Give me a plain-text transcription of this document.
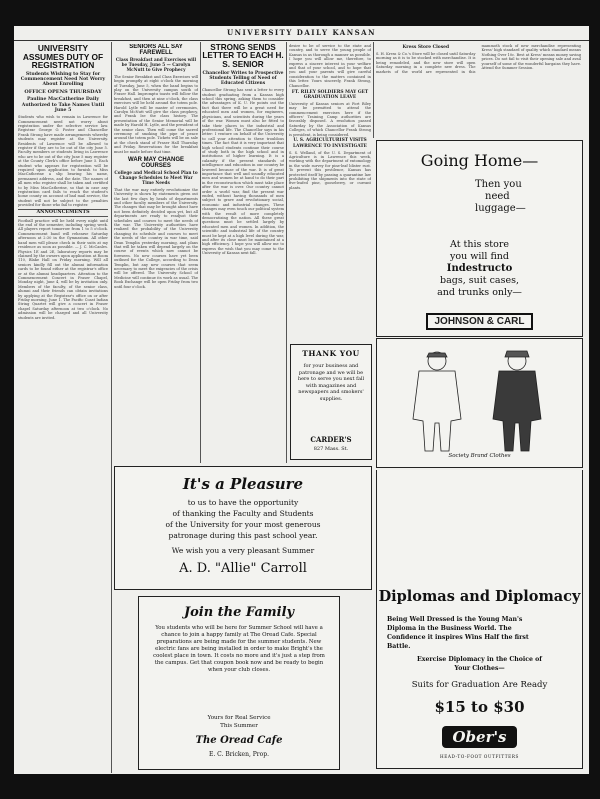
UNIVERSITY DAILY KANSAN
UNIVERSITY ASSUMES DUTY OF REGISTRATION
Students Wishing to Stay for Commencement Need Not Worry About Enrolling
OFFICE OPENS THURSDAY
Pauline MacCatherine Daily Authorized to Take Names Until June 5
Students who wish to remain in Lawrence for Commencement need not worry about registration under the selective service law. Registrar George O. Foster and Chancellor Frank Strong have made arrangements whereby students may register at the University. Residents of Lawrence will be allowed to register if they are to be out of the city June 5. Faculty members or students living in Lawrence who are to be out of the city June 5 may register at the County Clerk's office before June 5. Each student who appears for registration will be required upon application to furnish to Miss MacCatherine a slip bearing his name, permanent address, and the date. The names of all men who register shall be taken and certified to by Miss MacCatherine, so that in case any registration card fails to reach the student's home county on account of bad mail service, the student will not be subject to the penalties provided for those who fail to register.
ANNOUNCEMENTS
Football practice will be held every night until the end of the semester, including spring week. All players report tomorrow from 1 to 5 o'clock. Commencement band will rehearse Saturday afternoon at 2:30 in the Gymnasium. All other band men will please check in their suits at my residence as soon as possible. — J. C. McCanles. Physics 1E and 2E, laboratory reports may be claimed by the owners upon application at Room 110, Blake Hall on Friday morning. Will all seniors kindly fill out the alumni information cards to be found either at the registrar's office or at the alumni headquarters. Attention to the Commencement Concert in Fraser Chapel, Monday night, June 4, will be by invitation only. Members of the faculty, of the senior class, alumni and their friends can obtain invitations by applying at the Registrar's office on or after Friday morning, June 1. The Pacific Coast Indian String Quartet will give a concert in Fraser chapel Saturday afternoon at two o'clock. No admission will be charged and all University students are invited.
SENIORS ALL SAY FAREWELL
Class Breakfast and Exercises will be Tuesday, June 5 — Carolyn McNutt to Give Prophecy
The Senior Breakfast and Class Exercises will begin promptly at eight o'clock the morning of Tuesday, June 5, when the band begins to play on the University campus south of Fraser Hall. Impromptu toasts will follow the breakfast, and then at nine o'clock, the class exercises will be held around the totem pole. Harold Lytle will be master of ceremonies, Carolyn McNutt will give the class prophecy, and Frank Ise the class history. The presentation of the Senior Memorial will be made by Harold H. Lytle, and the president of the senior class. Then will come the sacred ceremony of smoking the pipe of peace around the totem pole. Tickets will be on sale at the check stand of Fraser Hall Thursday and Friday. Reservations for the breakfast must be made before that time.
WAR MAY CHANGE COURSES
College and Medical School Plan to Change Schedules to Meet War Time Needs
That the war may entirely revolutionize the University is shown by statements given out the last few days by heads of departments and other faculty members of the University. The changes that may be brought about have not been definitely decided upon yet, but all departments are ready to readjust their schedules and courses to meet the needs of the war. The University authorities have realized the probability of the University changing its schedule and courses to meet the needs of the country in war time, said Dean Templin yesterday morning, and plans that will be taken will depend largely on the course of events which now cannot be foreseen. No new courses have yet been outlined for the College, according to Dean Templin, but any new courses that seem necessary to meet the exigencies of the crisis will be offered. The University School of Medicine will continue its work as usual. The Book Exchange will be open Friday from two until four o'clock.
STRONG SENDS LETTER TO EACH H. S. SENIOR
Chancellor Writes to Prospective Students Telling of Need of Educated Citizens
Chancellor Strong has sent a letter to every student graduating from a Kansas high school this spring, asking them to consider the advantages of K. U. He points out the fact that there will be a great need for educated men and women, for engineers, physicians, and scientists during the years of the war. Women must also be fitted to take their places in the industrial and professional life. The Chancellor says in his letter: I venture on behalf of the University to call your attention to these troublous times. The fact that it is very important that high school students continue their course of study both in the high school and in institutions of higher learning. It is a calamity if the present standards of intelligence and education in our country be lowered because of the war. It is of great importance that well and soundly educated men and women be at hand to do their part in the reconstruction which must take place after the war is over. Our country cannot order a world war, find the present war ended, without having thousands of men subject to grave and revolutionary social, economic and industrial changes. These changes may even touch our political system with the result of more completely democratizing the nation. All these great questions must be settled largely by educated men and women. In addition, the scientific and industrial life of the country must be kept at a high level during the war, and after its close must be maintained at a high efficiency. I hope you will allow me to express the wish that you may come to the University of Kansas next fall.
desire to be of service to the state and country, and to serve the young people of Kansas in as thorough a manner as possible. I hope you will allow me, therefore, to express a sincere interest in your welfare and that of your school, and to hope that you and your parents will give careful consideration to the matters contained in this letter. Yours sincerely, Frank Strong, Chancellor.
FT. RILEY SOLDIERS MAY GET GRADUATION LEAVE
University of Kansas seniors at Fort Riley may be permitted to attend the commencement exercises here if the officers' Training Camp authorities are favorably disposed. A resolution passed Saturday by the Association of Kansas Colleges, of which Chancellor Frank Strong is president, is being considered.
U. S. AGRICULTURIST VISITS LAWRENCE TO INVESTIGATE
S. S. Welland, of the U. S. Department of Agriculture is in Lawrence this week, working with the department of entomology in the wide survey for pine-leaf blister rust. To prevent this pestilence, Kansas has protected itself by passing a quarantine law prohibiting the shipments into the state of five-leafed pine, gooseberry, or currant plants.
Kress Store Closed
S. H. Kress & Co.'s Store will be closed until Saturday morning as it is to be stocked with merchandise. It is being remodeled, and the new store will open Saturday morning in a complete new dress. The markets of the world are represented in this mammoth stock of new merchandise representing Kress' high standard of quality which standard means Nothing Over 10c. Best at Kress' means money saving prices. Do not fail to visit their opening sale and avail yourself of some of the wonderful bargains they have. Attend the Summer Session.
Going Home—
Then you
need
luggage—
At this store
you will find
Indestructo
bags, suit cases,
and trunks only—
JOHNSON & CARL
THANK YOU
for your business and patronage and we will be here to serve you next fall with magazines and newspapers and smokers' supplies.
CARDER'S
827 Mass. St.
Society Brand Clothes
It's a Pleasure
to us to have the opportunity
of thanking the Faculty and Students
of the University for your most generous
patronage during this past school year.
We wish you a very pleasant Summer
A. D. "Allie" Carroll
Join the Family
You students who will be here for Summer School will have a chance to join a happy family at The Oread Cafe. Special preparations are being made for the summer students. New electric fans are being installed in order to make Bright's the coolest place in town. It costs no more and it's just a step from the campus. Get that coupon book now and be ready to begin when your club closes.
Yours for Real Service
This Summer
The Oread Cafe
E. C. Bricken, Prop.
Diplomas and Diplomacy
Being Well Dressed is the Young Man's
Diploma in the Business World. The
Confidence it inspires Wins Half the first
Battle.
Exercise Diplomacy in the Choice of
Your Clothes—
Suits for Graduation Are Ready
$15 to $30
Ober's
HEAD-TO-FOOT OUTFITTERS
